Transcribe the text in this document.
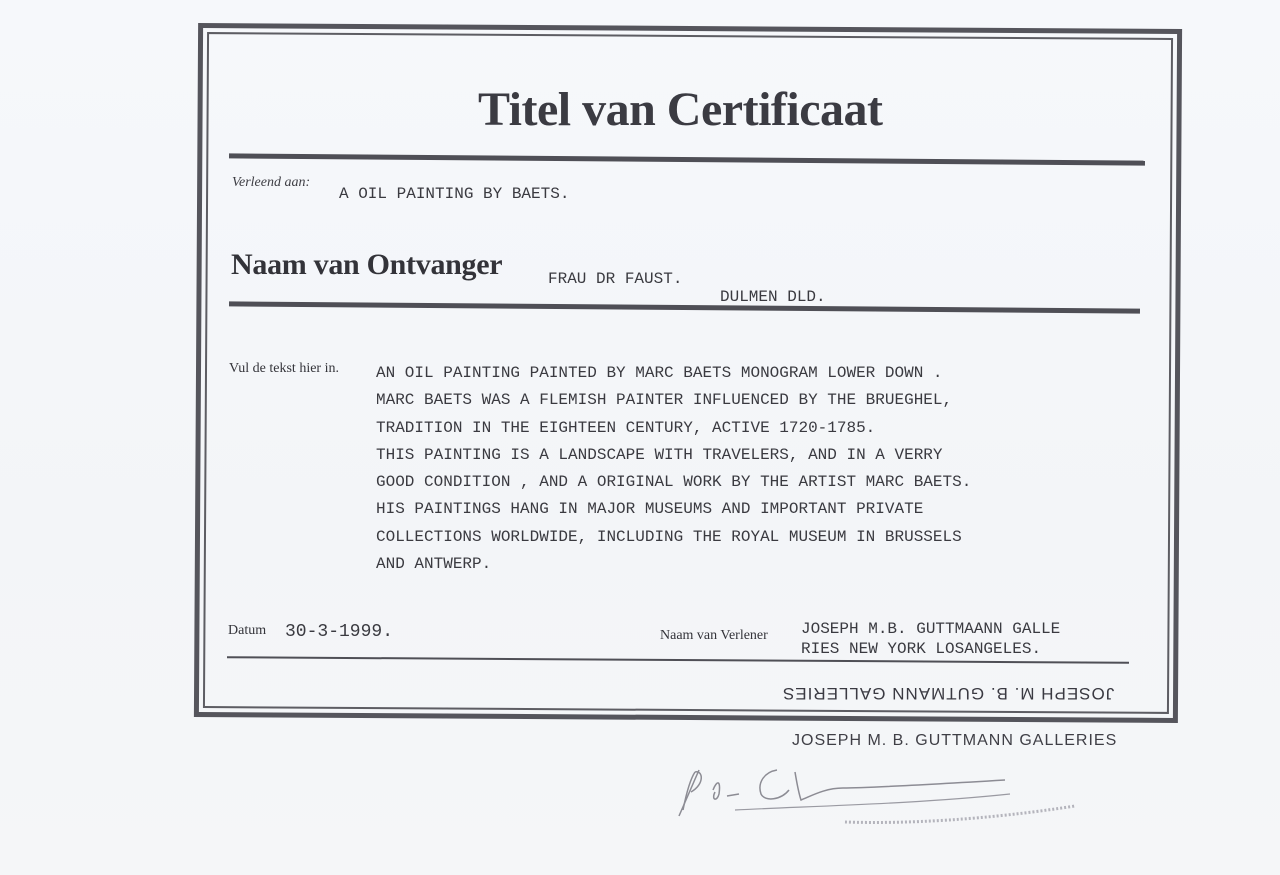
Titel van Certificaat
Verleend aan:
A OIL PAINTING BY BAETS.
Naam van Ontvanger	FRAU DR FAUST.
DULMEN DLD.
Vul de tekst hier in. AN OIL PAINTING PAINTED BY MARC BAETS MONOGRAM LOWER DOWN .
MARC BAETS WAS A FLEMISH PAINTER INFLUENCED BY THE BRUEGHEL,
TRADITION IN THE EIGHTEEN CENTURY, ACTIVE 1720-1785.
THIS PAINTING IS A LANDSCAPE WITH TRAVELERS, AND IN A VERRY
GOOD CONDITION , AND A ORIGINAL WORK BY THE ARTIST MARC BAETS.
HIS PAINTINGS HANG IN MAJOR MUSEUMS AND IMPORTANT PRIVATE
COLLECTIONS WORLDWIDE, INCLUDING THE ROYAL MUSEUM IN BRUSSELS
AND ANTWERP.
Datum 30-3-1999.	Naam van Verlener JOSEPH M.B. GUTTMAANN GALLE
RIES NEW YORK LOSANGELES.
JOSEPH M. B. GUTMANN GALLERIES
JOSEPH M. B. GUTTMANN GALLERIES
